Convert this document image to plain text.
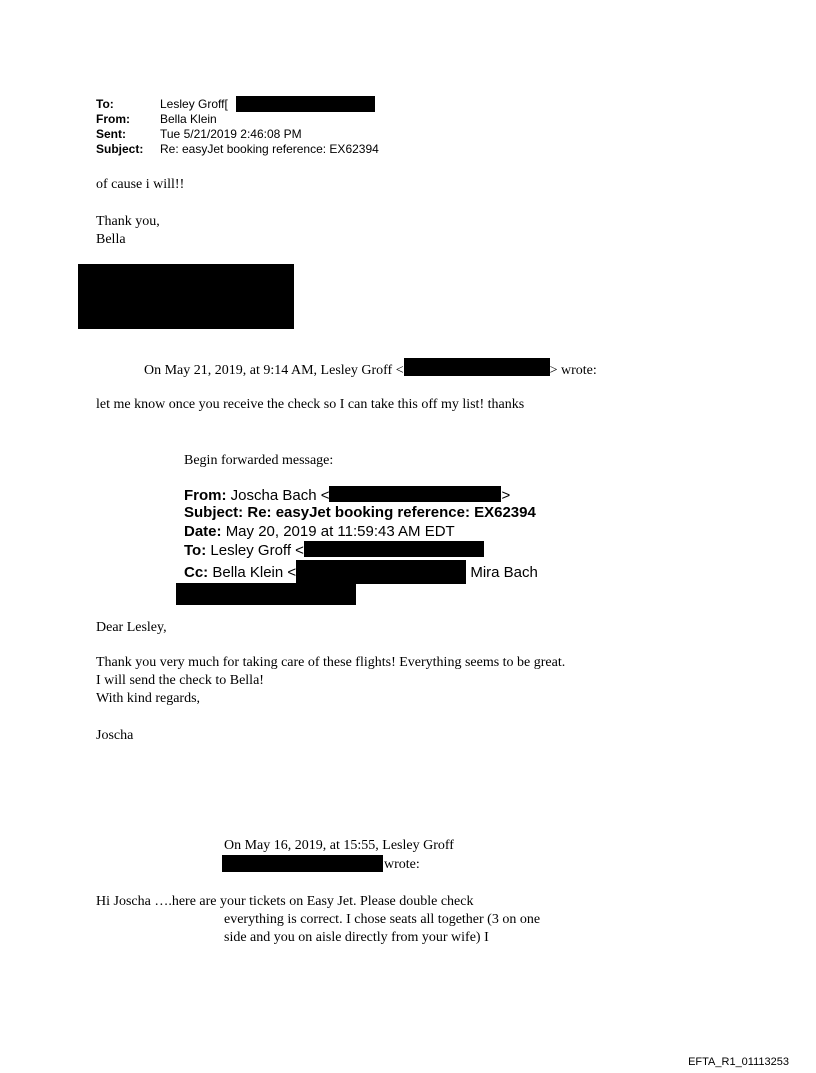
To:	Lesley Groff[
From:	Bella Klein
Sent:	Tue 5/21/2019 2:46:08 PM
Subject: Re: easyJet booking reference: EX62394
of cause i will!!
Thank you,
Bella
On May 21, 2019, at 9:14 AM, Lesley Groff <	> wrote:
let me know once you receive the check so I can take this off my list! thanks
Begin forwarded message:
From: Joscha Bach <	>
Subject: Re: easyJet booking reference: EX62394
Date: May 20, 2019 at 11:59:43 AM EDT
To: Lesley Groff <
Cc: Bella Klein <	Mira Bach
Dear Lesley,
Thank you very much for taking care of these flights! Everything seems to be great.
I will send the check to Bella!
With kind regards,
Joscha
On May 16, 2019, at 15:55, Lesley Groff
wrote:
Hi Joscha ….here are your tickets on Easy Jet. Please double check
everything is correct. I chose seats all together (3 on one
side and you on aisle directly from your wife) I
EFTA_R1_01113253
